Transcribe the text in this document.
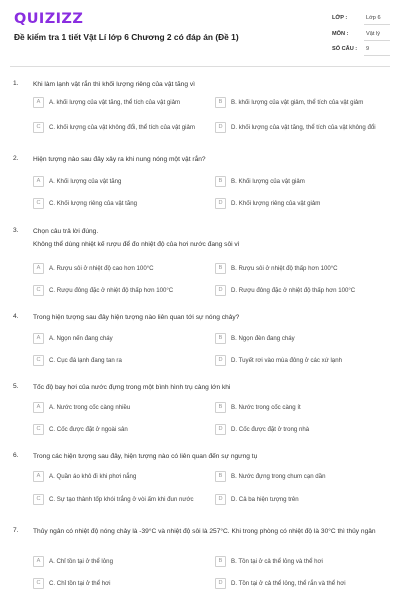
QUIZIZZ
Đề kiểm tra 1 tiết Vật Lí lớp 6 Chương 2 có đáp án (Đề 1)
LỚP :	Lớp 6
MÔN :	Vật lý
SỐ CÂU : 9
1. Khi làm lạnh vật rắn thì khối lượng riêng của vật tăng vì
A	A. khối lượng của vật tăng, thể tích của vật giảm	B	B. khối lượng của vật giảm, thể tích của vật giảm
C	C. khối lượng của vật không đổi, thể tích của vật giảm	D	D. khối lượng của vật tăng, thể tích của vật không đổi
2. Hiện tượng nào sau đây xảy ra khi nung nóng một vật rắn?
A	A. Khối lượng của vật tăng	B	B. Khối lượng của vật giảm
C	C. Khối lượng riêng của vật tăng	D	D. Khối lượng riêng của vật giảm
3. Chọn câu trả lời đúng.
Không thể dùng nhiệt kế rượu để đo nhiệt độ của hơi nước đang sôi vì
A	A. Rượu sôi ở nhiệt độ cao hơn 100°C	B	B. Rượu sôi ở nhiệt độ thấp hơn 100°C
C	C. Rượu đông đặc ở nhiệt độ thấp hơn 100°C	D	D. Rượu đông đặc ở nhiệt độ thấp hơn 100°C
4. Trong hiện tượng sau đây hiện tượng nào liên quan tới sự nóng chảy?
A	A. Ngọn nến đang cháy	B	B. Ngọn đèn đang cháy
C	C. Cục đá lạnh đang tan ra	D	D. Tuyết rơi vào mùa đông ở các xứ lạnh
5. Tốc độ bay hơi của nước đựng trong một bình hình trụ càng lớn khi
A	A. Nước trong cốc càng nhiều	B	B. Nước trong cốc càng ít
C	C. Cốc được đặt ở ngoài sân	D	D. Cốc được đặt ở trong nhà
6. Trong các hiện tượng sau đây, hiện tượng nào có liên quan đến sự ngưng tụ
A	A. Quần áo khô đi khi phơi nắng	B	B. Nước đựng trong chum cạn dần
C	C. Sự tạo thành tốp khói trắng ở vòi ấm khi đun nước	D	D. Cả ba hiện tượng trên
7. Thủy ngân có nhiệt độ nóng chảy là -39°C và nhiệt độ sôi là 257°C. Khi trong phòng có nhiệt độ là 30°C thì thủy ngân
A	A. Chỉ tồn tại ở thể lỏng	B	B. Tồn tại ở cả thể lỏng và thể hơi
C	C. Chỉ tồn tại ở thể hơi	D	D. Tồn tại ở cả thể lỏng, thể rắn và thể hơi
